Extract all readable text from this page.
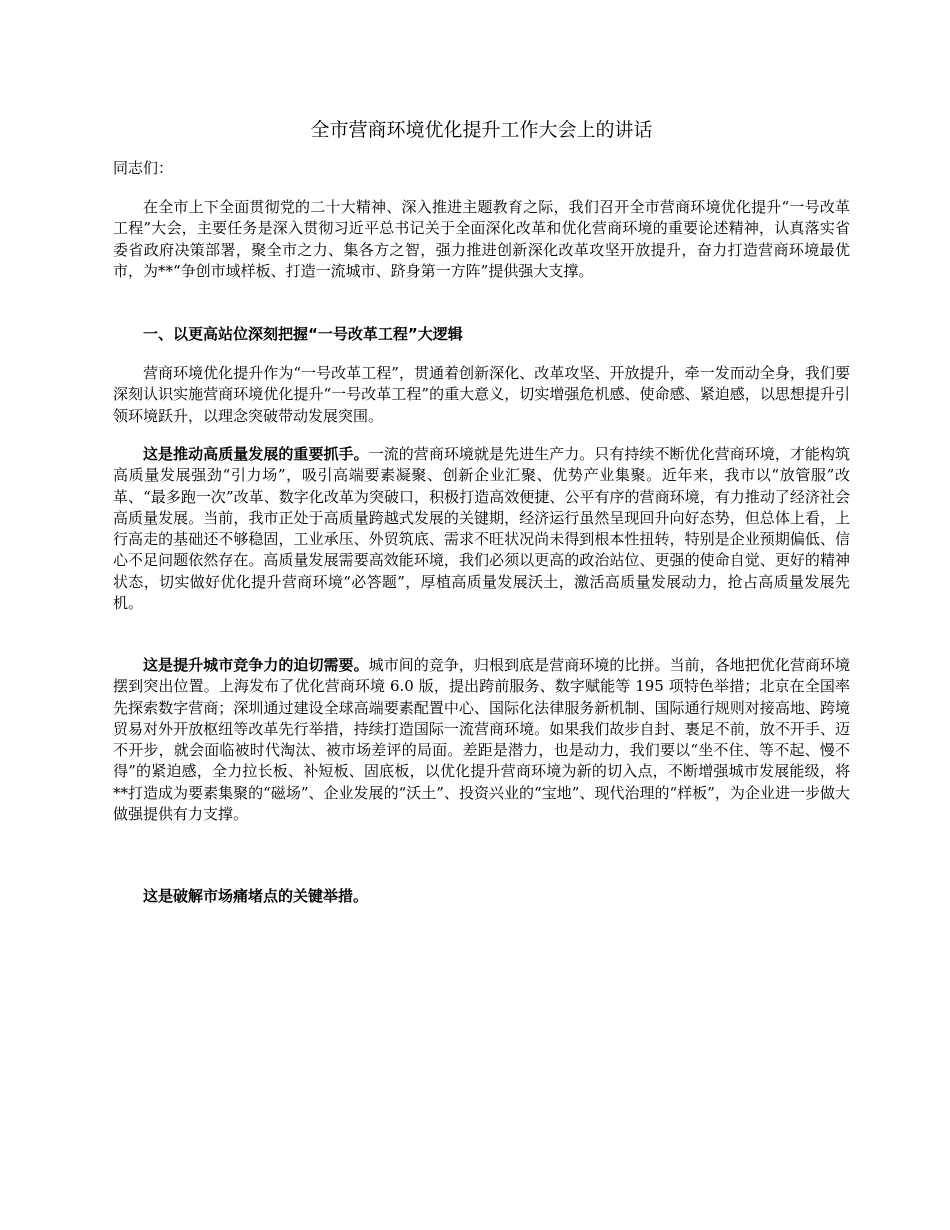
全市营商环境优化提升工作大会上的讲话

同志们：

在全市上下全面贯彻党的二十大精神、深入推进主题教育之际，我们召开全市营商环境优化提升“一号改革工程”大会，主要任务是深入贯彻习近平总书记关于全面深化改革和优化营商环境的重要论述精神，认真落实省委省政府决策部署，聚全市之力、集各方之智，强力推进创新深化改革攻坚开放提升，奋力打造营商环境最优市，为**“争创市域样板、打造一流城市、跻身第一方阵”提供强大支撑。

一、以更高站位深刻把握“一号改革工程”大逻辑

营商环境优化提升作为“一号改革工程”，贯通着创新深化、改革攻坚、开放提升，牵一发而动全身，我们要深刻认识实施营商环境优化提升“一号改革工程”的重大意义，切实增强危机感、使命感、紧迫感，以思想提升引领环境跃升，以理念突破带动发展突围。

这是推动高质量发展的重要抓手。一流的营商环境就是先进生产力。只有持续不断优化营商环境，才能构筑高质量发展强劲“引力场”，吸引高端要素凝聚、创新企业汇聚、优势产业集聚。近年来，我市以“放管服”改革、“最多跑一次”改革、数字化改革为突破口，积极打造高效便捷、公平有序的营商环境，有力推动了经济社会高质量发展。当前，我市正处于高质量跨越式发展的关键期，经济运行虽然呈现回升向好态势，但总体上看，上行高走的基础还不够稳固，工业承压、外贸筑底、需求不旺状况尚未得到根本性扭转，特别是企业预期偏低、信心不足问题依然存在。高质量发展需要高效能环境，我们必须以更高的政治站位、更强的使命自觉、更好的精神状态，切实做好优化提升营商环境“必答题”，厚植高质量发展沃土，激活高质量发展动力，抢占高质量发展先机。

这是提升城市竞争力的迫切需要。城市间的竞争，归根到底是营商环境的比拼。当前，各地把优化营商环境摆到突出位置。上海发布了优化营商环境 6.0 版，提出跨前服务、数字赋能等 195 项特色举措；北京在全国率先探索数字营商；深圳通过建设全球高端要素配置中心、国际化法律服务新机制、国际通行规则对接高地、跨境贸易对外开放枢纽等改革先行举措，持续打造国际一流营商环境。如果我们故步自封、裹足不前，放不开手、迈不开步，就会面临被时代淘汰、被市场差评的局面。差距是潜力，也是动力，我们要以“坐不住、等不起、慢不得”的紧迫感，全力拉长板、补短板、固底板，以优化提升营商环境为新的切入点，不断增强城市发展能级，将**打造成为要素集聚的“磁场”、企业发展的“沃土”、投资兴业的“宝地”、现代治理的“样板”，为企业进一步做大做强提供有力支撑。

这是破解市场痛堵点的关键举措。
